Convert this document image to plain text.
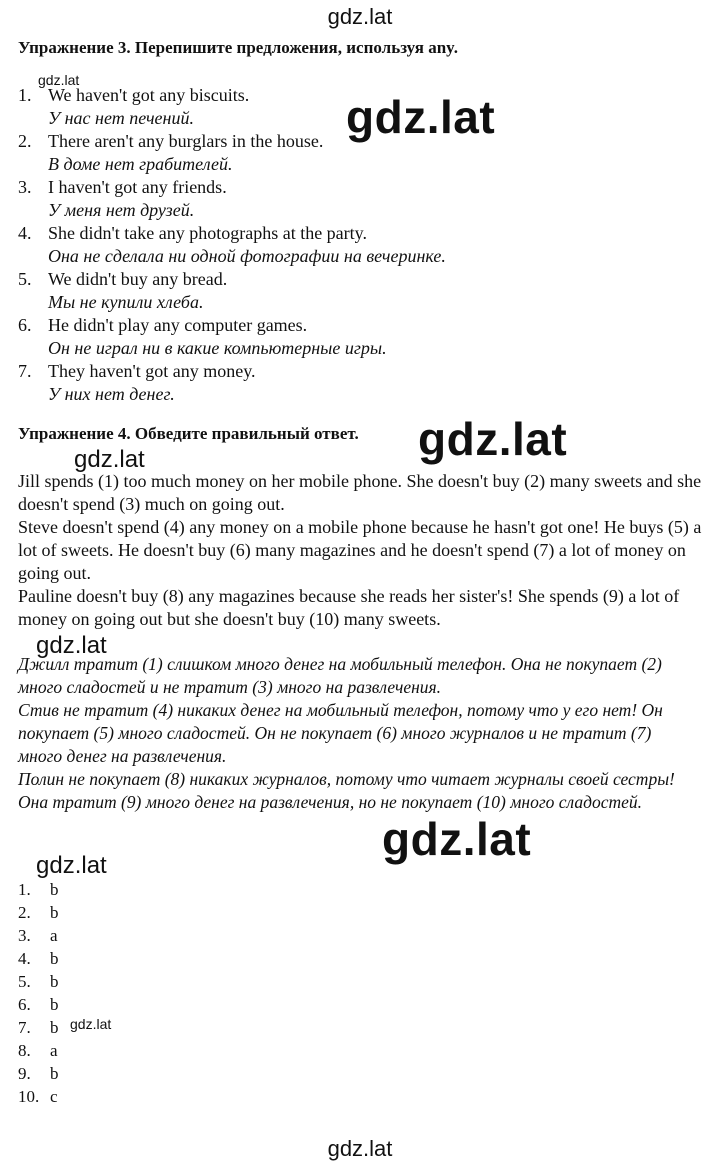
gdz.lat
gdz.lat
gdz.lat
gdz.lat
gdz.lat
gdz.lat
gdz.lat
gdz.lat
gdz.lat
gdz.lat
Упражнение 3. Перепишите предложения, используя any.
1. We haven't got any biscuits.
У нас нет печений.
2. There aren't any burglars in the house.
В доме нет грабителей.
3. I haven't got any friends.
У меня нет друзей.
4. She didn't take any photographs at the party.
Она не сделала ни одной фотографии на вечеринке.
5. We didn't buy any bread.
Мы не купили хлеба.
6. He didn't play any computer games.
Он не играл ни в какие компьютерные игры.
7. They haven't got any money.
У них нет денег.
Упражнение 4. Обведите правильный ответ.

Jill spends (1) too much money on her mobile phone. She doesn't buy (2) many sweets and she doesn't spend (3) much on going out.

Steve doesn't spend (4) any money on a mobile phone because he hasn't got one! He buys (5) a lot of sweets. He doesn't buy (6) many magazines and he doesn't spend (7) a lot of money on going out.

Pauline doesn't buy (8) any magazines because she reads her sister's! She spends (9) a lot of money on going out but she doesn't buy (10) many sweets.

Джилл тратит (1) слишком много денег на мобильный телефон. Она не покупает (2) много сладостей и не тратит (3) много на развлечения.

Стив не тратит (4) никаких денег на мобильный телефон, потому что у его нет! Он покупает (5) много сладостей. Он не покупает (6) много журналов и не тратит (7) много денег на развлечения.

Полин не покупает (8) никаких журналов, потому что читает журналы своей сестры! Она тратит (9) много денег на развлечения, но не покупает (10) много сладостей.

1. b
2. b
3. a
4. b
5. b
6. b
7. b
8. a
9. b
10. c
